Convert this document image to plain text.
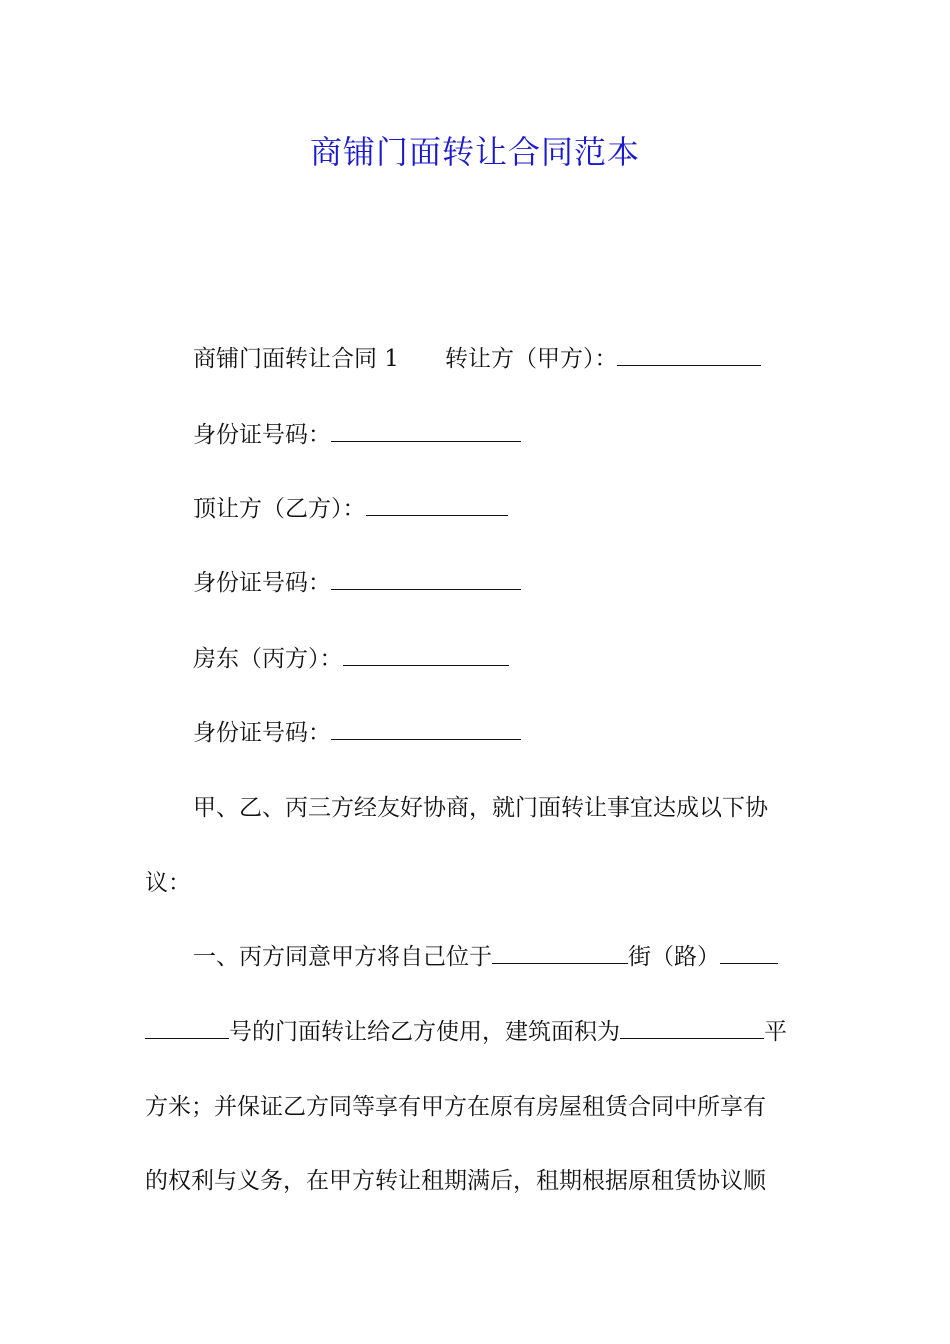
商铺门面转让合同范本
商铺门面转让合同 1 转让方（甲方）：
身份证号码：
顶让方（乙方）：
身份证号码：
房东（丙方）：
身份证号码：
甲、乙、丙三方经友好协商，就门面转让事宜达成以下协
议：
一、丙方同意甲方将自己位于	街（路）
号的门面转让给乙方使用，建筑面积为	平
方米；并保证乙方同等享有甲方在原有房屋租赁合同中所享有
的权利与义务，在甲方转让租期满后，租期根据原租赁协议顺
